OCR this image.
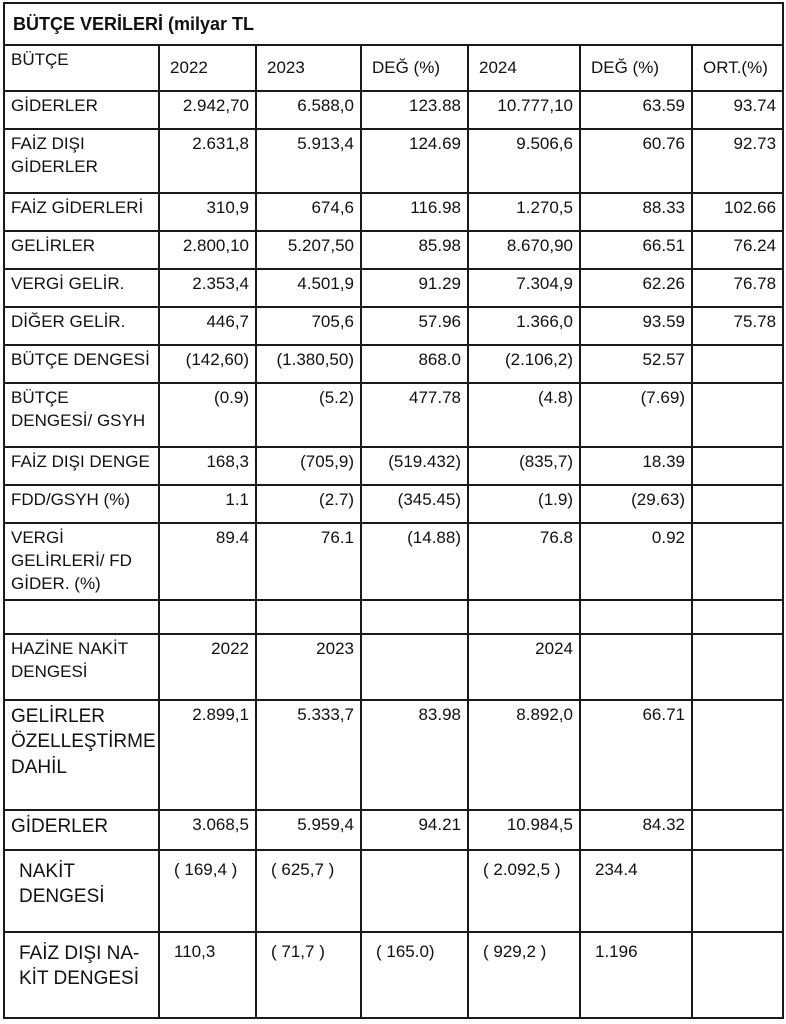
BÜTÇE VERİLERİ (milyar TL						
BÜTÇE	2022	2023	DEĞ (%)	2024	DEĞ (%)	ORT.(%)
GİDERLER	2.942,70	6.588,0	123.88	10.777,10	63.59	93.74
FAİZ DIŞI GİDERLER	2.631,8	5.913,4	124.69	9.506,6	60.76	92.73
FAİZ GİDERLERİ	310,9	674,6	116.98	1.270,5	88.33	102.66
GELİRLER	2.800,10	5.207,50	85.98	8.670,90	66.51	76.24
VERGİ GELİR.	2.353,4	4.501,9	91.29	7.304,9	62.26	76.78
DİĞER GELİR.	446,7	705,6	57.96	1.366,0	93.59	75.78
BÜTÇE DENGESİ	(142,60)	(1.380,50)	868.0	(2.106,2)	52.57	
BÜTÇE DENGESİ/ GSYH	(0.9)	(5.2)	477.78	(4.8)	(7.69)	
FAİZ DIŞI DENGE	168,3	(705,9)	(519.432)	(835,7)	18.39	
FDD/GSYH (%)	1.1	(2.7)	(345.45)	(1.9)	(29.63)	
VERGİ GELİRLERİ/ FD GİDER. (%)	89.4	76.1	(14.88)	76.8	0.92	

HAZİNE NAKİT DENGESİ	2022	2023		2024		
GELİRLER ÖZELLEŞTİRME DAHİL	2.899,1	5.333,7	83.98	8.892,0	66.71	
GİDERLER	3.068,5	5.959,4	94.21	10.984,5	84.32	
NAKİT DENGESİ	( 169,4 )	( 625,7 )		( 2.092,5 )	234.4	
FAİZ DIŞI NA- KİT DENGESİ	110,3	( 71,7 )	( 165.0)	( 929,2 )	1.196	
